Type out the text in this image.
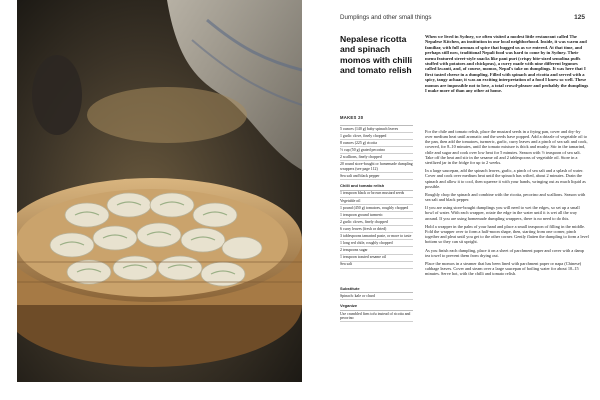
Dumplings and other small things	125
Nepalese ricotta and spinach momos with chilli and tomato relish

When we lived in Sydney, we often visited a modest little restaurant called The Nepalese Kitchen, an institution in our local neighborhood. Inside, it was warm and familiar, with full aromas of spice that hugged us as we entered. At that time, and perhaps still now, traditional Nepali food was hard to come by in Sydney. Their menu featured street-style snacks like pani puri (crispy bite-sized semolina puffs stuffed with potatoes and chickpeas), a curry made with nine different legumes called kwanti, and, of course, momos, Nepal's take on dumplings. It was here that I first tasted cheese in a dumpling. Filled with spinach and ricotta and served with a spicy, tangy achaar, it was an exciting interpretation of a food I knew so well. These momos are impossible not to love, a total crowd-pleaser and probably the dumplings I make more of than any other at home.

MAKES 20
5 ounces (140 g) baby spinach leaves
1 garlic clove, finely chopped
8 ounces (225 g) ricotta
½ cup (50 g) grated pecorino
2 scallions, finely chopped
20 round store-bought or homemade dumpling wrappers (see page 112)
Sea salt and black pepper
Chilli and tomato relish
1 teaspoon black or brown mustard seeds
Vegetable oil
1 pound (450 g) tomatoes, roughly chopped
1 teaspoon ground turmeric
2 garlic cloves, finely chopped
6 curry leaves (fresh or dried)
3 tablespoons tamarind paste, or more to taste
1 long red chile, roughly chopped
2 teaspoons sugar
1 teaspoon toasted sesame oil
Sea salt
Substitute
Spinach: kale or chard
Veganize
Use crumbled firm tofu instead of ricotta and pecorino

For the chile and tomato relish, place the mustard seeds in a frying pan, cover and dry-fry over medium heat until aromatic and the seeds have popped. Add a drizzle of vegetable oil to the pan, then add the tomatoes, turmeric, garlic, curry leaves and a pinch of sea salt and cook, covered, for 8–10 minutes, until the tomato mixture is thick and mushy. Stir in the tamarind, chile and sugar and cook over low heat for 5 minutes. Season with ½ teaspoon of sea salt. Take off the heat and stir in the sesame oil and 2 tablespoons of vegetable oil. Store in a sterilized jar in the fridge for up to 2 weeks.

In a large saucepan, add the spinach leaves, garlic, a pinch of sea salt and a splash of water. Cover and cook over medium heat until the spinach has wilted, about 2 minutes. Drain the spinach and allow it to cool, then squeeze it with your hands, wringing out as much liquid as possible.

Roughly chop the spinach and combine with the ricotta, pecorino and scallions. Season with sea salt and black pepper.

If you are using store-bought dumplings you will need to wet the edges, so set up a small bowl of water. With each wrapper, rotate the edge in the water until it is wet all the way around. If you are using homemade dumpling wrappers, there is no need to do this.

Hold a wrapper in the palm of your hand and place a small teaspoon of filling in the middle. Fold the wrapper over to form a half-moon shape, then, starting from one corner, pinch together and pleat until you get to the other corner. Gently flatten the dumpling to form a level bottom so they can sit upright.

As you finish each dumpling, place it on a sheet of parchment paper and cover with a damp tea towel to prevent them from drying out.

Place the momos in a steamer that has been lined with parchment paper or napa (Chinese) cabbage leaves. Cover and steam over a large saucepan of boiling water for about 10–15 minutes. Serve hot, with the chilli and tomato relish.
